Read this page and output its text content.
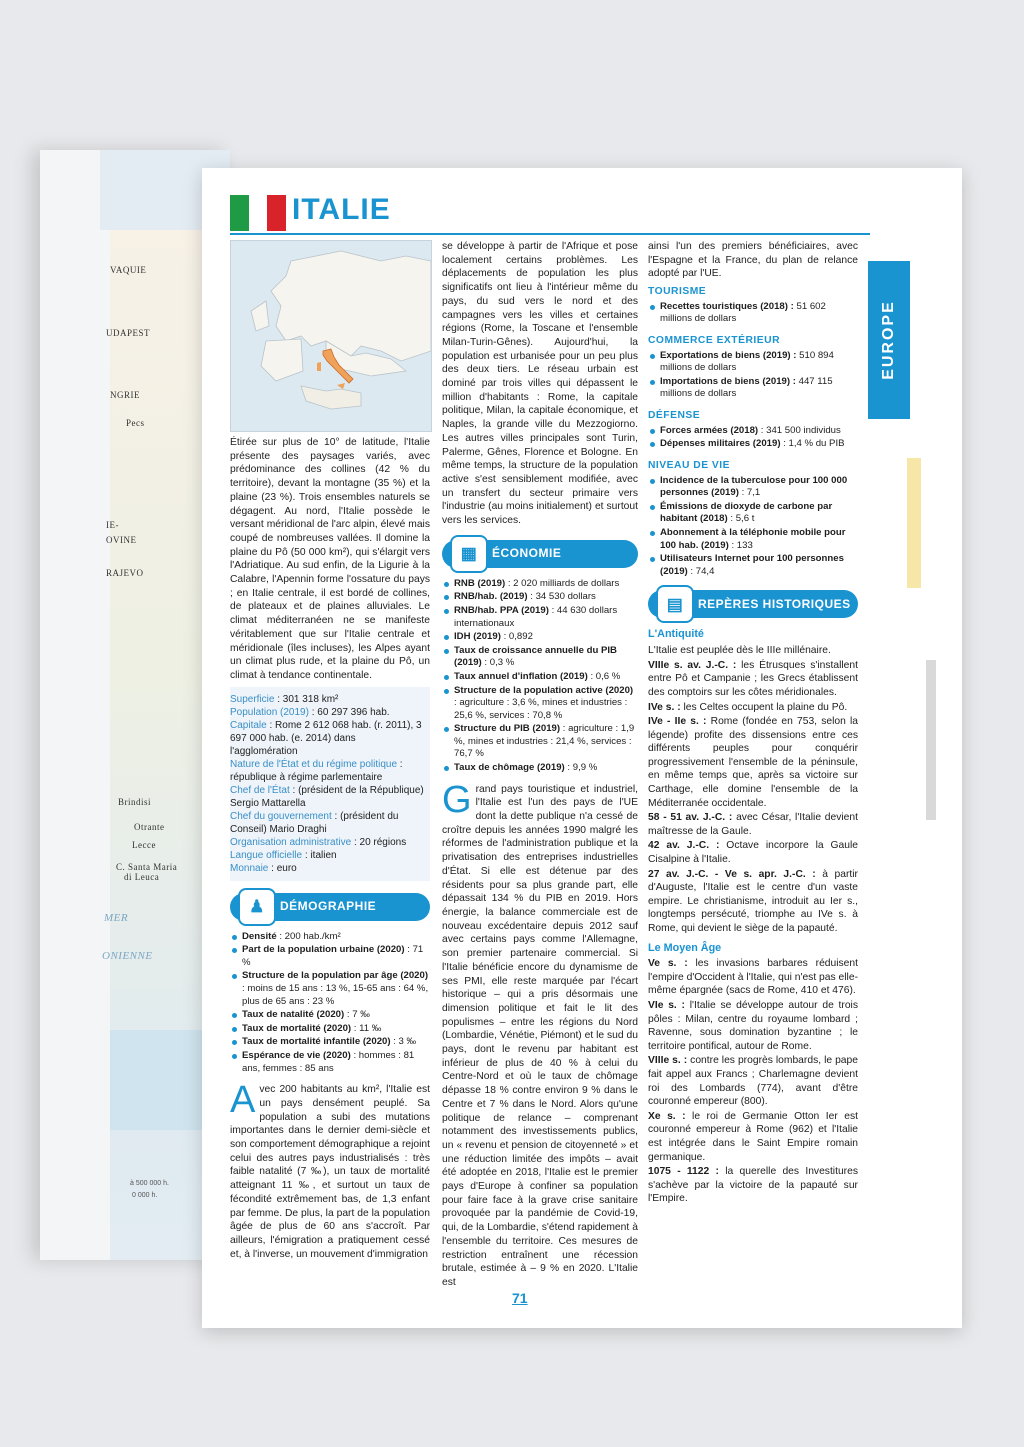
VAQUIE
UDAPEST
NGRIE
Pecs
IE-
OVINE
RAJEVO
MER
ONIENNE
Brindisi
Lecce
Otrante
C. Santa Maria
di Leuca
à 500 000 h.
0 000 h.
ITALIE

Étirée sur plus de 10° de latitude, l'Italie présente des paysages variés, avec prédominance des collines (42 % du territoire), devant la montagne (35 %) et la plaine (23 %). Trois ensembles naturels se dégagent. Au nord, l'Italie possède le versant méridional de l'arc alpin, élevé mais coupé de nombreuses vallées. Il domine la plaine du Pô (50 000 km²), qui s'élargit vers l'Adriatique. Au sud enfin, de la Ligurie à la Calabre, l'Apennin forme l'ossature du pays ; en Italie centrale, il est bordé de collines, de plateaux et de plaines alluviales. Le climat méditerranéen ne se manifeste véritablement que sur l'Italie centrale et méridionale (îles incluses), les Alpes ayant un climat plus rude, et la plaine du Pô, un climat à tendance continentale.

Superficie : 301 318 km²
Population (2019) : 60 297 396 hab.
Capitale : Rome 2 612 068 hab. (r. 2011), 3 697 000 hab. (e. 2014) dans l'agglomération
Nature de l'État et du régime politique : république à régime parlementaire
Chef de l'État : (président de la République) Sergio Mattarella
Chef du gouvernement : (président du Conseil) Mario Draghi
Organisation administrative : 20 régions
Langue officielle : italien
Monnaie : euro
♟	DÉMOGRAPHIE
Densité : 200 hab./km²
Part de la population urbaine (2020) : 71 %
Structure de la population par âge (2020) : moins de 15 ans : 13 %, 15-65 ans : 64 %, plus de 65 ans : 23 %
Taux de natalité (2020) : 7 ‰
Taux de mortalité (2020) : 11 ‰
Taux de mortalité infantile (2020) : 3 ‰
Espérance de vie (2020) : hommes : 81 ans, femmes : 85 ans

Avec 200 habitants au km², l'Italie est un pays densément peuplé. Sa population a subi des mutations importantes dans le dernier demi-siècle et son comportement démographique a rejoint celui des autres pays industrialisés : très faible natalité (7 ‰), un taux de mortalité atteignant 11 ‰, et surtout un taux de fécondité extrêmement bas, de 1,3 enfant par femme. De plus, la part de la population âgée de plus de 60 ans s'accroît. Par ailleurs, l'émigration a pratiquement cessé et, à l'inverse, un mouvement d'immigration

se développe à partir de l'Afrique et pose localement certains problèmes. Les déplacements de population les plus significatifs ont lieu à l'intérieur même du pays, du sud vers le nord et des campagnes vers les villes et certaines régions (Rome, la Toscane et l'ensemble Milan-Turin-Gênes). Aujourd'hui, la population est urbanisée pour un peu plus des deux tiers. Le réseau urbain est dominé par trois villes qui dépassent le million d'habitants : Rome, la capitale politique, Milan, la capitale économique, et Naples, la grande ville du Mezzogiorno. Les autres villes principales sont Turin, Palerme, Gênes, Florence et Bologne. En même temps, la structure de la population active s'est sensiblement modifiée, avec un transfert du secteur primaire vers l'industrie (au moins initialement) et surtout vers les services.

▦	ÉCONOMIE
RNB (2019) : 2 020 milliards de dollars
RNB/hab. (2019) : 34 530 dollars
RNB/hab. PPA (2019) : 44 630 dollars internationaux
IDH (2019) : 0,892
Taux de croissance annuelle du PIB (2019) : 0,3 %
Taux annuel d'inflation (2019) : 0,6 %
Structure de la population active (2020) : agriculture : 3,6 %, mines et industries : 25,6 %, services : 70,8 %
Structure du PIB (2019) : agriculture : 1,9 %, mines et industries : 21,4 %, services : 76,7 %
Taux de chômage (2019) : 9,9 %

Grand pays touristique et industriel, l'Italie est l'un des pays de l'UE dont la dette publique n'a cessé de croître depuis les années 1990 malgré les réformes de l'administration publique et la privatisation des entreprises industrielles d'État. Si elle est détenue par des résidents pour sa plus grande part, elle dépassait 134 % du PIB en 2019. Hors énergie, la balance commerciale est de nouveau excédentaire depuis 2012 sauf avec certains pays comme l'Allemagne, son premier partenaire commercial. Si l'Italie bénéficie encore du dynamisme de ses PMI, elle reste marquée par l'écart historique – qui a pris désormais une dimension politique et fait le lit des populismes – entre les régions du Nord (Lombardie, Vénétie, Piémont) et le sud du pays, dont le revenu par habitant est inférieur de plus de 40 % à celui du Centre-Nord et où le taux de chômage dépasse 18 % contre environ 9 % dans le Centre et 7 % dans le Nord. Alors qu'une politique de relance – comprenant notamment des investissements publics, un « revenu et pension de citoyenneté » et une réduction limitée des impôts – avait été adoptée en 2018, l'Italie est le premier pays d'Europe à confiner sa population pour faire face à la grave crise sanitaire provoquée par la pandémie de Covid-19, qui, de la Lombardie, s'étend rapidement à l'ensemble du territoire. Ces mesures de restriction entraînent une récession brutale, estimée à – 9 % en 2020. L'Italie est

ainsi l'un des premiers bénéficiaires, avec l'Espagne et la France, du plan de relance adopté par l'UE.

TOURISME
Recettes touristiques (2018) : 51 602 millions de dollars
COMMERCE EXTÉRIEUR
Exportations de biens (2019) : 510 894 millions de dollars
Importations de biens (2019) : 447 115 millions de dollars
DÉFENSE
Forces armées (2018) : 341 500 individus
Dépenses militaires (2019) : 1,4 % du PIB
NIVEAU DE VIE
Incidence de la tuberculose pour 100 000 personnes (2019) : 7,1
Émissions de dioxyde de carbone par habitant (2018) : 5,6 t
Abonnement à la téléphonie mobile pour 100 hab. (2019) : 133
Utilisateurs Internet pour 100 personnes (2019) : 74,4
▤	REPÈRES HISTORIQUES
L'Antiquité

L'Italie est peuplée dès le IIIe millénaire.

VIIIe s. av. J.-C. : les Étrusques s'installent entre Pô et Campanie ; les Grecs établissent des comptoirs sur les côtes méridionales.

IVe s. : les Celtes occupent la plaine du Pô.

IVe - IIe s. : Rome (fondée en 753, selon la légende) profite des dissensions entre ces différents peuples pour conquérir progressivement l'ensemble de la péninsule, en même temps que, après sa victoire sur Carthage, elle domine l'ensemble de la Méditerranée occidentale.

58 - 51 av. J.-C. : avec César, l'Italie devient maîtresse de la Gaule.

42 av. J.-C. : Octave incorpore la Gaule Cisalpine à l'Italie.

27 av. J.-C. - Ve s. apr. J.-C. : à partir d'Auguste, l'Italie est le centre d'un vaste empire. Le christianisme, introduit au Ier s., longtemps persécuté, triomphe au IVe s. à Rome, qui devient le siège de la papauté.

Le Moyen Âge

Ve s. : les invasions barbares réduisent l'empire d'Occident à l'Italie, qui n'est pas elle-même épargnée (sacs de Rome, 410 et 476).

VIe s. : l'Italie se développe autour de trois pôles : Milan, centre du royaume lombard ; Ravenne, sous domination byzantine ; le territoire pontifical, autour de Rome.

VIIIe s. : contre les progrès lombards, le pape fait appel aux Francs ; Charlemagne devient roi des Lombards (774), avant d'être couronné empereur (800).

Xe s. : le roi de Germanie Otton Ier est couronné empereur à Rome (962) et l'Italie est intégrée dans le Saint Empire romain germanique.

1075 - 1122 : la querelle des Investitures s'achève par la victoire de la papauté sur l'Empire.

EUROPE
71
